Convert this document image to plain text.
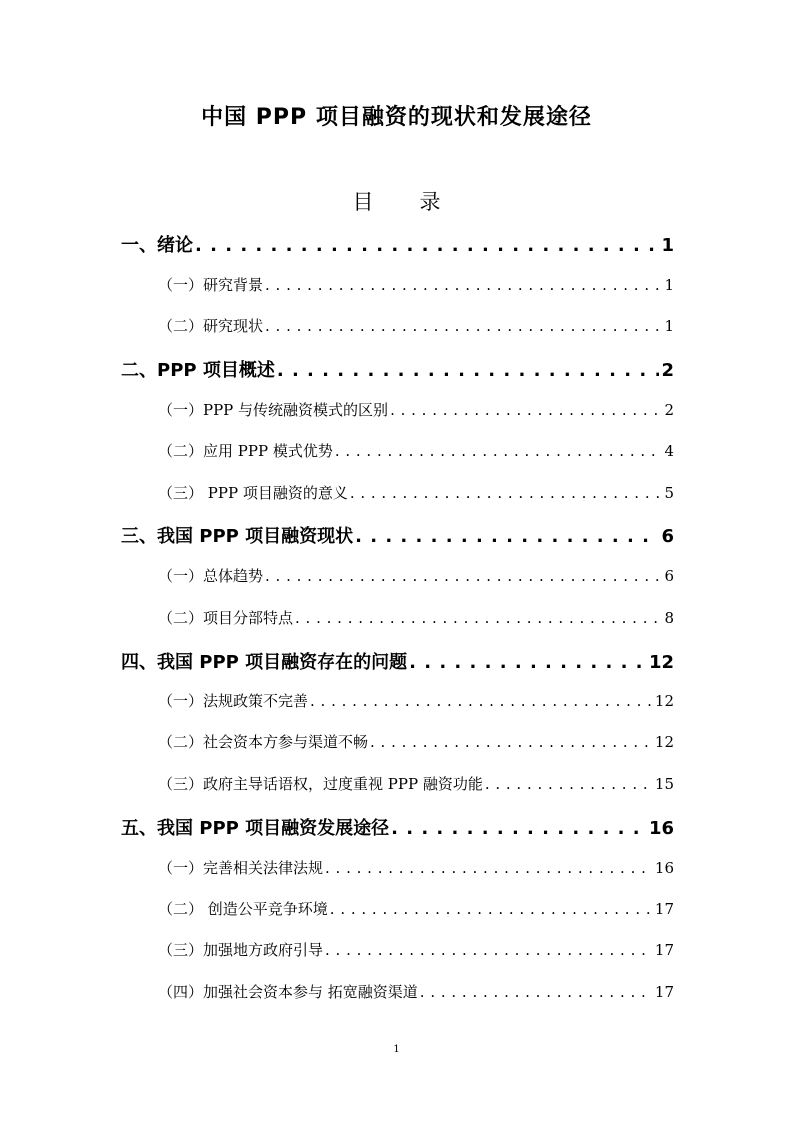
中国 PPP 项目融资的现状和发展途径
目 录
一、绪论 . . .	1
（一）研究背景 . . .	1
（二）研究现状 . . .	1
二、PPP 项目概述 . . .	2
（一）PPP 与传统融资模式的区别 . . .	2
（二）应用 PPP 模式优势 . . .	4
（三） PPP 项目融资的意义 . . .	5
三、我国 PPP 项目融资现状 . . .	6
（一）总体趋势 . . .	6
（二）项目分部特点 . . .	8
四、我国 PPP 项目融资存在的问题 . . .	12
（一）法规政策不完善 . . .	12
（二）社会资本方参与渠道不畅 . . .	12
（三）政府主导话语权，过度重视 PPP 融资功能 . . .	15
五、我国 PPP 项目融资发展途径 . . .	16
（一）完善相关法律法规 . . .	16
（二） 创造公平竞争环境 . . .	17
（三）加强地方政府引导 . . .	17
（四）加强社会资本参与 拓宽融资渠道 . . .	17
1
